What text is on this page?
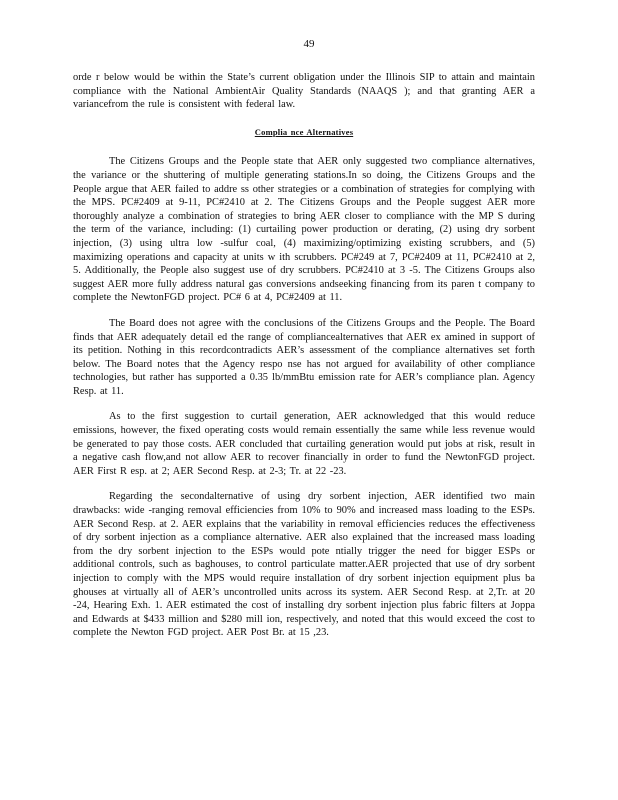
49

orde r below would be within the State’s current obligation under the Illinois SIP to attain and maintain compliance with the National AmbientAir Quality Standards (NAAQS ); and that granting AER a variancefrom the rule is consistent with federal law.

Complia nce Alternatives

The Citizens Groups and the People state that AER only suggested two compliance alternatives, the variance or the shuttering of multiple generating stations.In so doing, the Citizens Groups and the People argue that AER failed to addre ss other strategies or a combination of strategies for complying with the MPS. PC#2409 at 9-11, PC#2410 at 2. The Citizens Groups and the People suggest AER more thoroughly analyze a combination of strategies to bring AER closer to compliance with the MP S during the term of the variance, including: (1) curtailing power production or derating, (2) using dry sorbent injection, (3) using ultra low -sulfur coal, (4) maximizing/optimizing existing scrubbers, and (5) maximizing operations and capacity at units w ith scrubbers. PC#249 at 7, PC#2409 at 11, PC#2410 at 2, 5. Additionally, the People also suggest use of dry scrubbers. PC#2410 at 3 -5. The Citizens Groups also suggest AER more fully address natural gas conversions andseeking financing from its paren t company to complete the NewtonFGD project. PC# 6 at 4, PC#2409 at 11.

The Board does not agree with the conclusions of the Citizens Groups and the People. The Board finds that AER adequately detail ed the range of compliancealternatives that AER ex amined in support of its petition. Nothing in this recordcontradicts AER’s assessment of the compliance alternatives set forth below. The Board notes that the Agency respo nse has not argued for availability of other compliance technologies, but rather has supported a 0.35 lb/mmBtu emission rate for AER’s compliance plan. Agency Resp. at 11.

As to the first suggestion to curtail generation, AER acknowledged that this would reduce emissions, however, the fixed operating costs would remain essentially the same while less revenue would be generated to pay those costs. AER concluded that curtailing generation would put jobs at risk, result in a negative cash flow,and not allow AER to recover financially in order to fund the NewtonFGD project. AER First R esp. at 2; AER Second Resp. at 2-3; Tr. at 22 -23.

Regarding the secondalternative of using dry sorbent injection, AER identified two main drawbacks: wide -ranging removal efficiencies from 10% to 90% and increased mass loading to the ESPs. AER Second Resp. at 2. AER explains that the variability in removal efficiencies reduces the effectiveness of dry sorbent injection as a compliance alternative. AER also explained that the increased mass loading from the dry sorbent injection to the ESPs would pote ntially trigger the need for bigger ESPs or additional controls, such as baghouses, to control particulate matter.AER projected that use of dry sorbent injection to comply with the MPS would require installation of dry sorbent injection equipment plus ba ghouses at virtually all of AER’s uncontrolled units across its system. AER Second Resp. at 2,Tr. at 20 -24, Hearing Exh. 1. AER estimated the cost of installing dry sorbent injection plus fabric filters at Joppa and Edwards at $433 million and $280 mill ion, respectively, and noted that this would exceed the cost to complete the Newton FGD project. AER Post Br. at 15 ,23.
